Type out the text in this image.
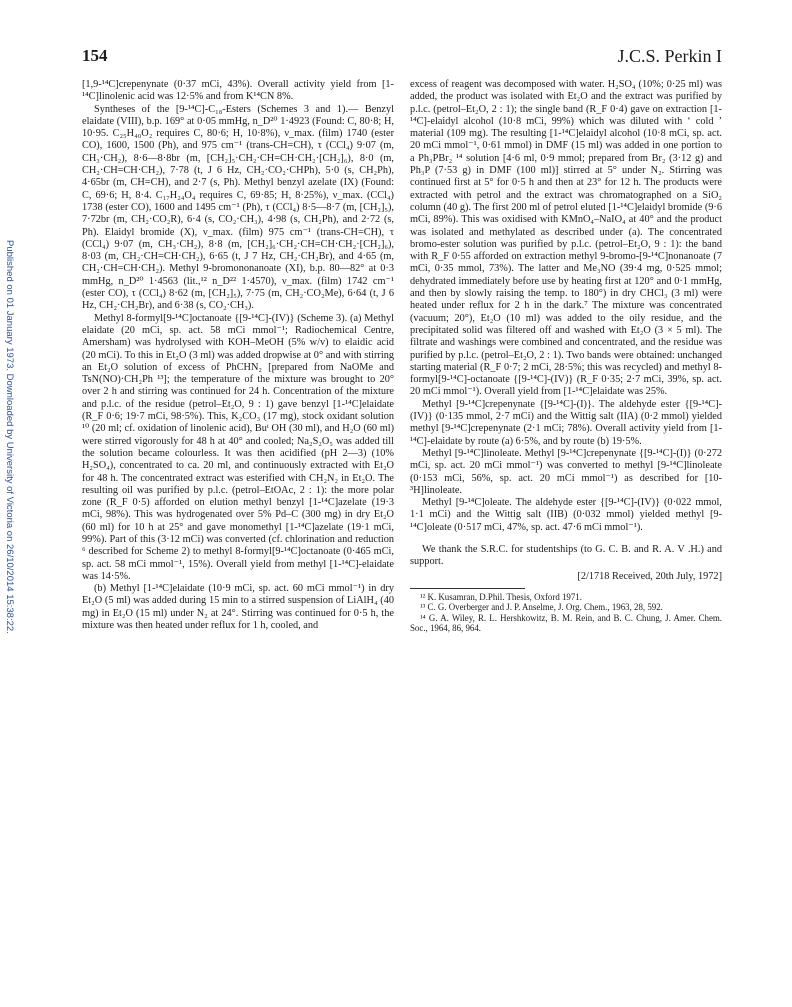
154	J.C.S. Perkin I
Published on 01 January 1973. Downloaded by University of Victoria on 26/10/2014 15:38:22.

[1,9-¹⁴C]crepenynate (0·37 mCi, 43%). Overall activity yield from [1-¹⁴C]linolenic acid was 12·5% and from K¹⁴CN 8%.

Syntheses of the [9-¹⁴C]-C₁₈-Esters (Schemes 3 and 1).— Benzyl elaidate (VIII), b.p. 169° at 0·05 mmHg, n_D²⁰ 1·4923 (Found: C, 80·8; H, 10·95. C₂₅H₄₀O₂ requires C, 80·6; H, 10·8%), ν_max. (film) 1740 (ester CO), 1600, 1500 (Ph), and 975 cm⁻¹ (trans-CH=CH), τ (CCl₄) 9·07 (m, CH₃·CH₂), 8·6—8·8br (m, [CH₂]₅·CH₂·CH=CH·CH₂·[CH₂]₆), 8·0 (m, CH₂·CH=CH·CH₂), 7·78 (t, J 6 Hz, CH₂·CO₂·CHPh), 5·0 (s, CH₂Ph), 4·65br (m, CH=CH), and 2·7 (s, Ph). Methyl benzyl azelate (IX) (Found: C, 69·6; H, 8·4. C₁₇H₂₄O₄ requires C, 69·85; H, 8·25%), ν_max. (CCl₄) 1738 (ester CO), 1600 and 1495 cm⁻¹ (Ph), τ (CCl₄) 8·5—8·7 (m, [CH₂]₅), 7·72br (m, CH₂·CO₂R), 6·4 (s, CO₂·CH₃), 4·98 (s, CH₂Ph), and 2·72 (s, Ph). Elaidyl bromide (X), ν_max. (film) 975 cm⁻¹ (trans-CH=CH), τ (CCl₄) 9·07 (m, CH₃·CH₂), 8·8 (m, [CH₂]₆·CH₂·CH=CH·CH₂·[CH₂]₆), 8·03 (m, CH₂·CH=CH·CH₂), 6·65 (t, J 7 Hz, CH₂·CH₂Br), and 4·65 (m, CH₂·CH=CH·CH₂). Methyl 9-bromononanoate (XI), b.p. 80—82° at 0·3 mmHg, n_D²⁰ 1·4563 (lit.,¹² n_D²² 1·4570), ν_max. (film) 1742 cm⁻¹ (ester CO), τ (CCl₄) 8·62 (m, [CH₂]₅), 7·75 (m, CH₂·CO₂Me), 6·64 (t, J 6 Hz, CH₂·CH₂Br), and 6·38 (s, CO₂·CH₃).

Methyl 8-formyl[9-¹⁴C]octanoate {[9-¹⁴C]-(IV)} (Scheme 3). (a) Methyl elaidate (20 mCi, sp. act. 58 mCi mmol⁻¹; Radiochemical Centre, Amersham) was hydrolysed with KOH–MeOH (5% w/v) to elaidic acid (20 mCi). To this in Et₂O (3 ml) was added dropwise at 0° and with stirring an Et₂O solution of excess of PhCHN₂ [prepared from NaOMe and TsN(NO)·CH₂Ph ¹³]; the temperature of the mixture was brought to 20° over 2 h and stirring was continued for 24 h. Concentration of the mixture and p.l.c. of the residue (petrol–Et₂O, 9 : 1) gave benzyl [1-¹⁴C]elaidate (R_F 0·6; 19·7 mCi, 98·5%). This, K₂CO₃ (17 mg), stock oxidant solution ¹⁰ (20 ml; cf. oxidation of linolenic acid), Buᵗ OH (30 ml), and H₂O (60 ml) were stirred vigorously for 48 h at 40° and cooled; Na₂S₂O₅ was added till the solution became colourless. It was then acidified (pH 2—3) (10% H₂SO₄), concentrated to ca. 20 ml, and continuously extracted with Et₂O for 48 h. The concentrated extract was esterified with CH₂N₂ in Et₂O. The resulting oil was purified by p.l.c. (petrol–EtOAc, 2 : 1): the more polar zone (R_F 0·5) afforded on elution methyl benzyl [1-¹⁴C]azelate (19·3 mCi, 98%). This was hydrogenated over 5% Pd–C (300 mg) in dry Et₂O (60 ml) for 10 h at 25° and gave monomethyl [1-¹⁴C]azelate (19·1 mCi, 99%). Part of this (3·12 mCi) was converted (cf. chlorination and reduction ⁶ described for Scheme 2) to methyl 8-formyl[9-¹⁴C]octanoate (0·465 mCi, sp. act. 58 mCi mmol⁻¹, 15%). Overall yield from methyl [1-¹⁴C]-elaidate was 14·5%.

(b) Methyl [1-¹⁴C]elaidate (10·9 mCi, sp. act. 60 mCi mmol⁻¹) in dry Et₂O (5 ml) was added during 15 min to a stirred suspension of LiAlH₄ (40 mg) in Et₂O (15 ml) under N₂ at 24°. Stirring was continued for 0·5 h, the mixture was then heated under reflux for 1 h, cooled, and

excess of reagent was decomposed with water. H₂SO₄ (10%; 0·25 ml) was added, the product was isolated with Et₂O and the extract was purified by p.l.c. (petrol–Et₂O, 2 : 1); the single band (R_F 0·4) gave on extraction [1-¹⁴C]-elaidyl alcohol (10·8 mCi, 99%) which was diluted with ‘ cold ’ material (109 mg). The resulting [1-¹⁴C]elaidyl alcohol (10·8 mCi, sp. act. 20 mCi mmol⁻¹, 0·61 mmol) in DMF (15 ml) was added in one portion to a Ph₃PBr₂ ¹⁴ solution [4·6 ml, 0·9 mmol; prepared from Br₂ (3·12 g) and Ph₃P (7·53 g) in DMF (100 ml)] stirred at 5° under N₂. Stirring was continued first at 5° for 0·5 h and then at 23° for 12 h. The products were extracted with petrol and the extract was chromatographed on a SiO₂ column (40 g). The first 200 ml of petrol eluted [1-¹⁴C]elaidyl bromide (9·6 mCi, 89%). This was oxidised with KMnO₄–NaIO₄ at 40° and the product was isolated and methylated as described under (a). The concentrated bromo-ester solution was purified by p.l.c. (petrol–Et₂O, 9 : 1): the band with R_F 0·55 afforded on extraction methyl 9-bromo-[9-¹⁴C]nonanoate (7 mCi, 0·35 mmol, 73%). The latter and Me₃NO (39·4 mg, 0·525 mmol; dehydrated immediately before use by heating first at 120° and 0·1 mmHg, and then by slowly raising the temp. to 180°) in dry CHCl₃ (3 ml) were heated under reflux for 2 h in the dark.⁷ The mixture was concentrated (vacuum; 20°), Et₂O (10 ml) was added to the oily residue, and the precipitated solid was filtered off and washed with Et₂O (3 × 5 ml). The filtrate and washings were combined and concentrated, and the residue was purified by p.l.c. (petrol–Et₂O, 2 : 1). Two bands were obtained: unchanged starting material (R_F 0·7; 2 mCi, 28·5%; this was recycled) and methyl 8-formyl[9-¹⁴C]-octanoate {[9-¹⁴C]-(IV)} (R_F 0·35; 2·7 mCi, 39%, sp. act. 20 mCi mmol⁻¹). Overall yield from [1-¹⁴C]elaidate was 25%.

Methyl [9-¹⁴C]crepenynate {[9-¹⁴C]-(I)}. The aldehyde ester {[9-¹⁴C]-(IV)} (0·135 mmol, 2·7 mCi) and the Wittig salt (IIA) (0·2 mmol) yielded methyl [9-¹⁴C]crepenynate (2·1 mCi; 78%). Overall activity yield from [1-¹⁴C]-elaidate by route (a) 6·5%, and by route (b) 19·5%.

Methyl [9-¹⁴C]linoleate. Methyl [9-¹⁴C]crepenynate {[9-¹⁴C]-(I)} (0·272 mCi, sp. act. 20 mCi mmol⁻¹) was converted to methyl [9-¹⁴C]linoleate (0·153 mCi, 56%, sp. act. 20 mCi mmol⁻¹) as described for [10-³H]linoleate.

Methyl [9-¹⁴C]oleate. The aldehyde ester {[9-¹⁴C]-(IV)} (0·022 mmol, 1·1 mCi) and the Wittig salt (IIB) (0·032 mmol) yielded methyl [9-¹⁴C]oleate (0·517 mCi, 47%, sp. act. 47·6 mCi mmol⁻¹).

We thank the S.R.C. for studentships (to G. C. B. and R. A. V .H.) and support.

[2/1718 Received, 20th July, 1972]

¹² K. Kusamran, D.Phil. Thesis, Oxford 1971.

¹³ C. G. Overberger and J. P. Anselme, J. Org. Chem., 1963, 28, 592.

¹⁴ G. A. Wiley, R. L. Hershkowitz, B. M. Rein, and B. C. Chung, J. Amer. Chem. Soc., 1964, 86, 964.
